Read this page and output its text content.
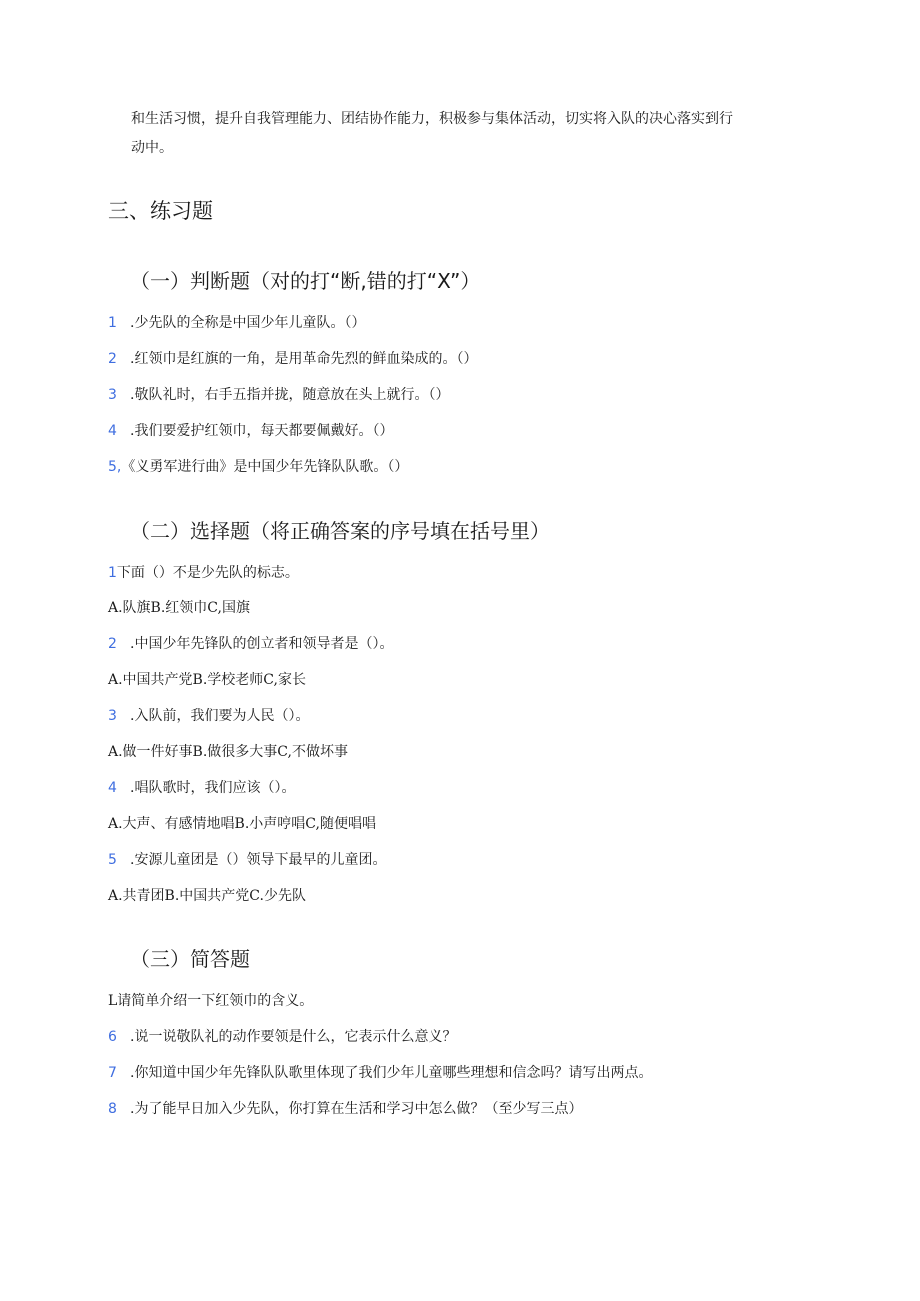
和生活习惯，提升自我管理能力、团结协作能力，积极参与集体活动，切实将入队的决心落实到行
动中。
三、练习题
（一）判断题（对的打“断,错的打“X”）
1 .少先队的全称是中国少年儿童队。（）
2 .红领巾是红旗的一角，是用革命先烈的鲜血染成的。（）
3 .敬队礼时，右手五指并拢，随意放在头上就行。（）
4 .我们要爱护红领巾，每天都要佩戴好。（）
5,《义勇军进行曲》是中国少年先锋队队歌。（）
（二）选择题（将正确答案的序号填在括号里）
1下面（）不是少先队的标志。
A.队旗B.红领巾C,国旗
2 .中国少年先锋队的创立者和领导者是（）。
A.中国共产党B.学校老师C,家长
3 .入队前，我们要为人民（）。
A.做一件好事B.做很多大事C,不做坏事
4 .唱队歌时，我们应该（）。
A.大声、有感情地唱B.小声哼唱C,随便唱唱
5 .安源儿童团是（）领导下最早的儿童团。
A.共青团B.中国共产党C.少先队
（三）简答题
L请简单介绍一下红领巾的含义。
6 .说一说敬队礼的动作要领是什么，它表示什么意义？
7 .你知道中国少年先锋队队歌里体现了我们少年儿童哪些理想和信念吗？请写出两点。
8 .为了能早日加入少先队，你打算在生活和学习中怎么做？（至少写三点）
